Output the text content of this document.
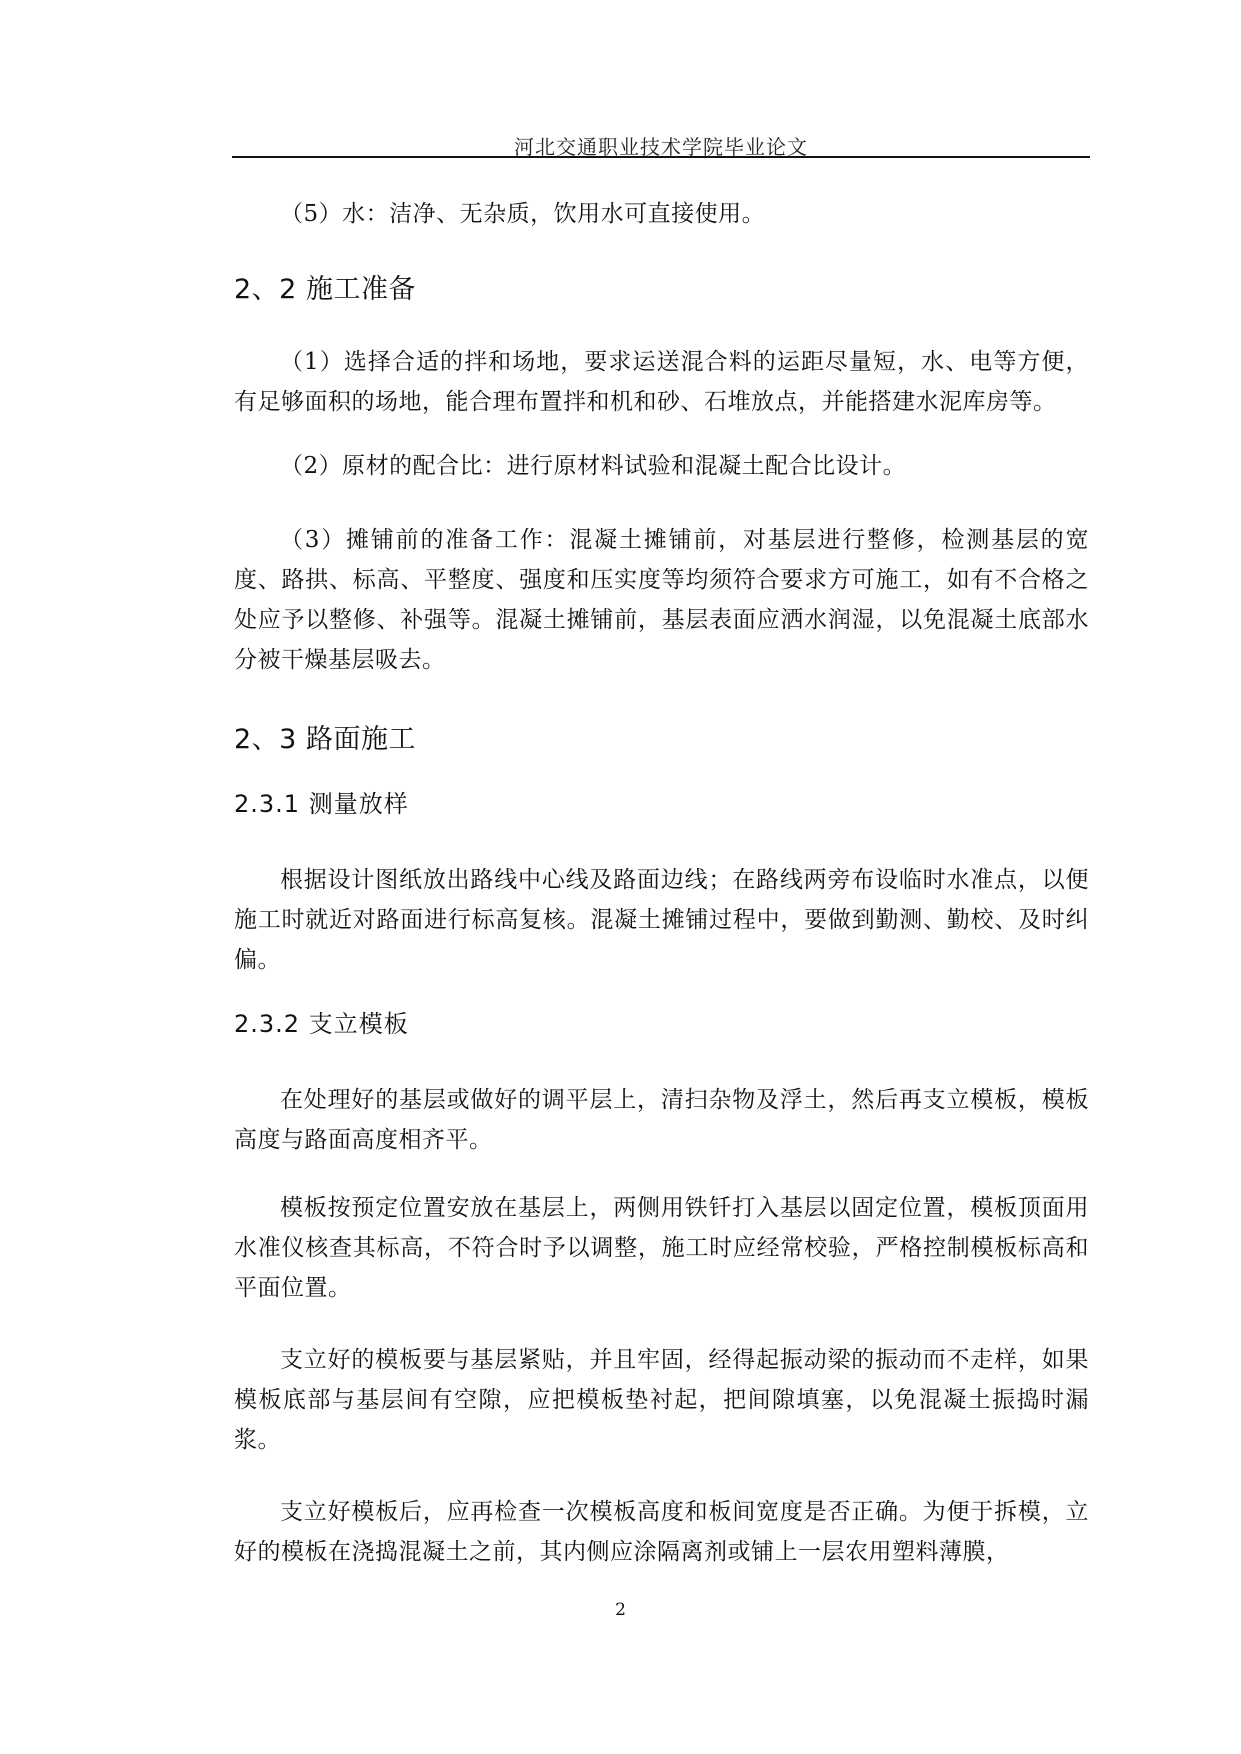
河北交通职业技术学院毕业论文

（5）水：洁净、无杂质，饮用水可直接使用。

2、2 施工准备

（1）选择合适的拌和场地，要求运送混合料的运距尽量短，水、电等方便，有足够面积的场地，能合理布置拌和机和砂、石堆放点，并能搭建水泥库房等。

（2）原材的配合比：进行原材料试验和混凝土配合比设计。

（3）摊铺前的准备工作：混凝土摊铺前，对基层进行整修，检测基层的宽度、路拱、标高、平整度、强度和压实度等均须符合要求方可施工，如有不合格之处应予以整修、补强等。混凝土摊铺前，基层表面应洒水润湿，以免混凝土底部水分被干燥基层吸去。

2、3 路面施工

2.3.1 测量放样

根据设计图纸放出路线中心线及路面边线；在路线两旁布设临时水准点，以便施工时就近对路面进行标高复核。混凝土摊铺过程中，要做到勤测、勤校、及时纠偏。

2.3.2 支立模板

在处理好的基层或做好的调平层上，清扫杂物及浮土，然后再支立模板，模板高度与路面高度相齐平。

模板按预定位置安放在基层上，两侧用铁钎打入基层以固定位置，模板顶面用水准仪核查其标高，不符合时予以调整，施工时应经常校验，严格控制模板标高和平面位置。

支立好的模板要与基层紧贴，并且牢固，经得起振动梁的振动而不走样，如果模板底部与基层间有空隙，应把模板垫衬起，把间隙填塞，以免混凝土振捣时漏浆。

支立好模板后，应再检查一次模板高度和板间宽度是否正确。为便于拆模，立好的模板在浇捣混凝土之前，其内侧应涂隔离剂或铺上一层农用塑料薄膜，

2
